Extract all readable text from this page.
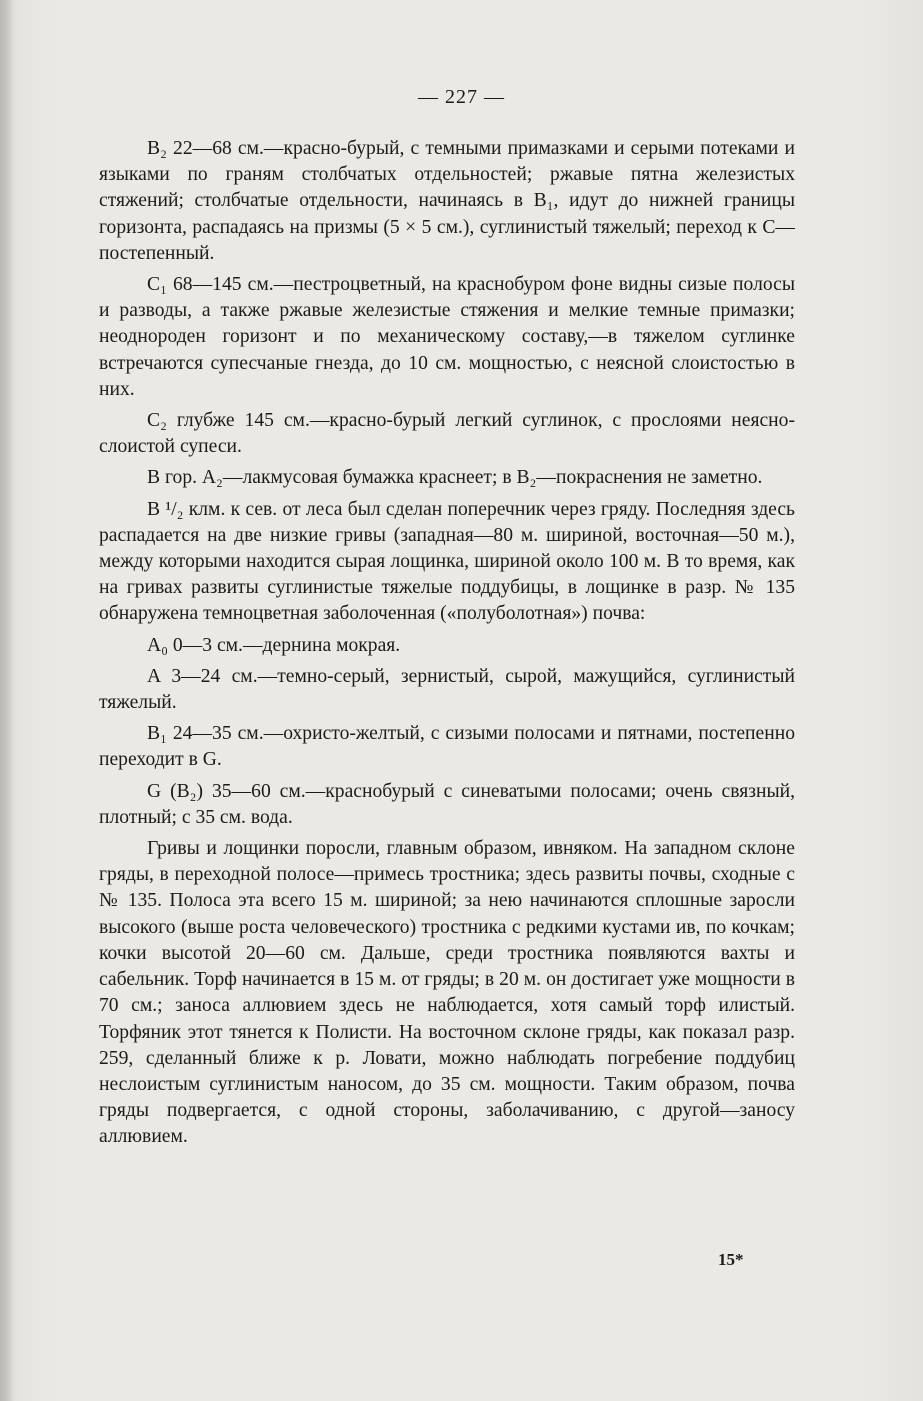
— 227 —

B₂ 22—68 см.—красно-бурый, с темными примазками и серыми потеками и языками по граням столбчатых отдельностей; ржавые пятна железистых стяжений; столбчатые отдельности, начинаясь в B₁, идут до нижней границы горизонта, распадаясь на призмы (5 × 5 см.), суглинистый тяжелый; переход к C—постепенный.

C₁ 68—145 см.—пестроцветный, на краснобуром фоне видны сизые полосы и разводы, а также ржавые железистые стяжения и мелкие темные примазки; неоднороден горизонт и по механическому составу,—в тяжелом суглинке встречаются супесчаные гнезда, до 10 см. мощностью, с неясной слоистостью в них.

C₂ глубже 145 см.—красно-бурый легкий суглинок, с прослоями неясно-слоистой супеси.

В гор. A₂—лакмусовая бумажка краснеет; в B₂—покраснения не заметно.

В ¹/₂ клм. к сев. от леса был сделан поперечник через гряду. Последняя здесь распадается на две низкие гривы (западная—80 м. шириной, восточная—50 м.), между которыми находится сырая лощинка, шириной около 100 м. В то время, как на гривах развиты суглинистые тяжелые поддубицы, в лощинке в разр. № 135 обнаружена темноцветная заболоченная («полуболотная») почва:

A₀ 0—3 см.—дернина мокрая.

A 3—24 см.—темно-серый, зернистый, сырой, мажущийся, суглинистый тяжелый.

B₁ 24—35 см.—охристо-желтый, с сизыми полосами и пятнами, постепенно переходит в G.

G (B₂) 35—60 см.—краснобурый с синеватыми полосами; очень связный, плотный; с 35 см. вода.

Гривы и лощинки поросли, главным образом, ивняком. На западном склоне гряды, в переходной полосе—примесь тростника; здесь развиты почвы, сходные с № 135. Полоса эта всего 15 м. шириной; за нею начинаются сплошные заросли высокого (выше роста человеческого) тростника с редкими кустами ив, по кочкам; кочки высотой 20—60 см. Дальше, среди тростника появляются вахты и сабельник. Торф начинается в 15 м. от гряды; в 20 м. он достигает уже мощности в 70 см.; заноса аллювием здесь не наблюдается, хотя самый торф илистый. Торфяник этот тянется к Полисти. На восточном склоне гряды, как показал разр. 259, сделанный ближе к р. Ловати, можно наблюдать погребение поддубиц неслоистым суглинистым наносом, до 35 см. мощности. Таким образом, почва гряды подвергается, с одной стороны, заболачиванию, с другой—заносу аллювием.

15*
